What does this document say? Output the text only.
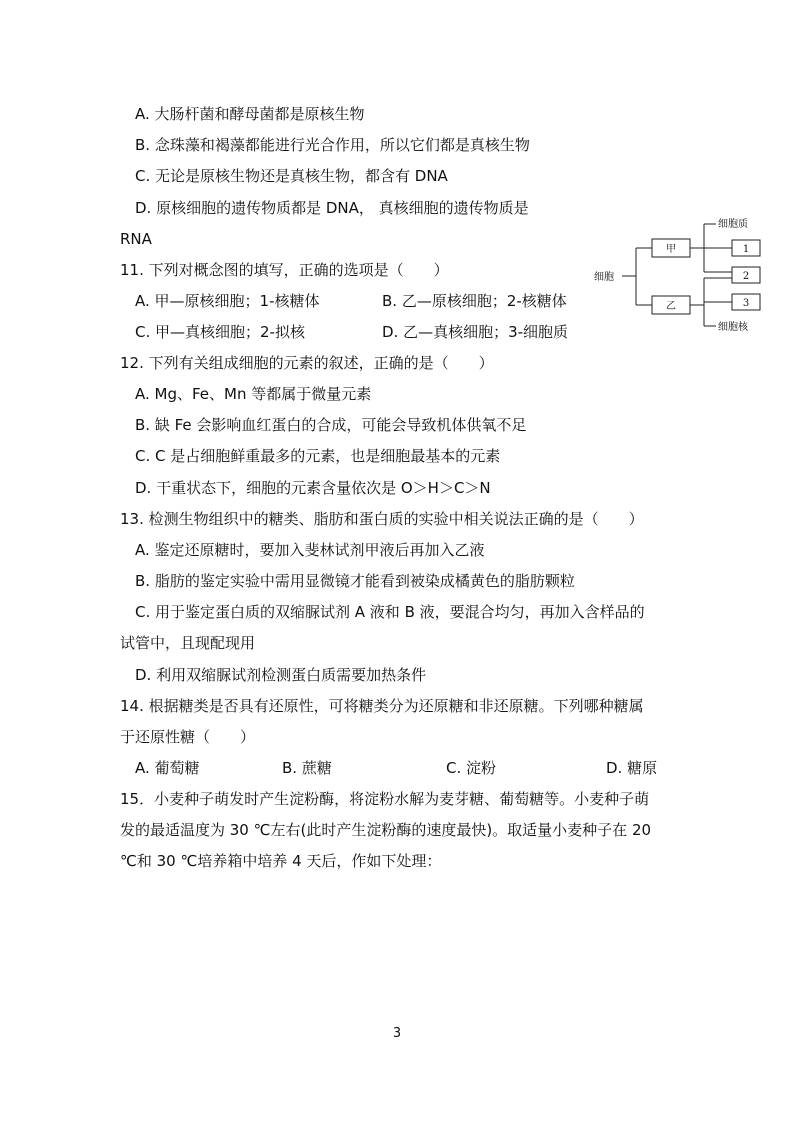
A. 大肠杆菌和酵母菌都是原核生物
B. 念珠藻和褐藻都能进行光合作用，所以它们都是真核生物
C. 无论是原核生物还是真核生物，都含有 DNA
D. 原核细胞的遗传物质都是 DNA， 真核细胞的遗传物质是
RNA
11. 下列对概念图的填写，正确的选项是（　　）
A. 甲—原核细胞；1-核糖体	B. 乙—原核细胞；2-核糖体
C. 甲—真核细胞；2-拟核	D. 乙—真核细胞；3-细胞质
细胞
甲
乙
1
2
3
细胞质
细胞核
12. 下列有关组成细胞的元素的叙述，正确的是（　　）
A. Mg、Fe、Mn 等都属于微量元素
B. 缺 Fe 会影响血红蛋白的合成，可能会导致机体供氧不足
C. C 是占细胞鲜重最多的元素，也是细胞最基本的元素
D. 干重状态下，细胞的元素含量依次是 O＞H＞C＞N
13. 检测生物组织中的糖类、脂肪和蛋白质的实验中相关说法正确的是（　　）
A. 鉴定还原糖时，要加入斐林试剂甲液后再加入乙液
B. 脂肪的鉴定实验中需用显微镜才能看到被染成橘黄色的脂肪颗粒
C. 用于鉴定蛋白质的双缩脲试剂 A 液和 B 液，要混合均匀，再加入含样品的
试管中，且现配现用
D. 利用双缩脲试剂检测蛋白质需要加热条件
14. 根据糖类是否具有还原性，可将糖类分为还原糖和非还原糖。下列哪种糖属
于还原性糖（　　）
A. 葡萄糖	B. 蔗糖	C. 淀粉	D. 糖原
15．小麦种子萌发时产生淀粉酶，将淀粉水解为麦芽糖、葡萄糖等。小麦种子萌
发的最适温度为 30 ℃左右(此时产生淀粉酶的速度最快)。取适量小麦种子在 20
℃和 30 ℃培养箱中培养 4 天后，作如下处理：
3
